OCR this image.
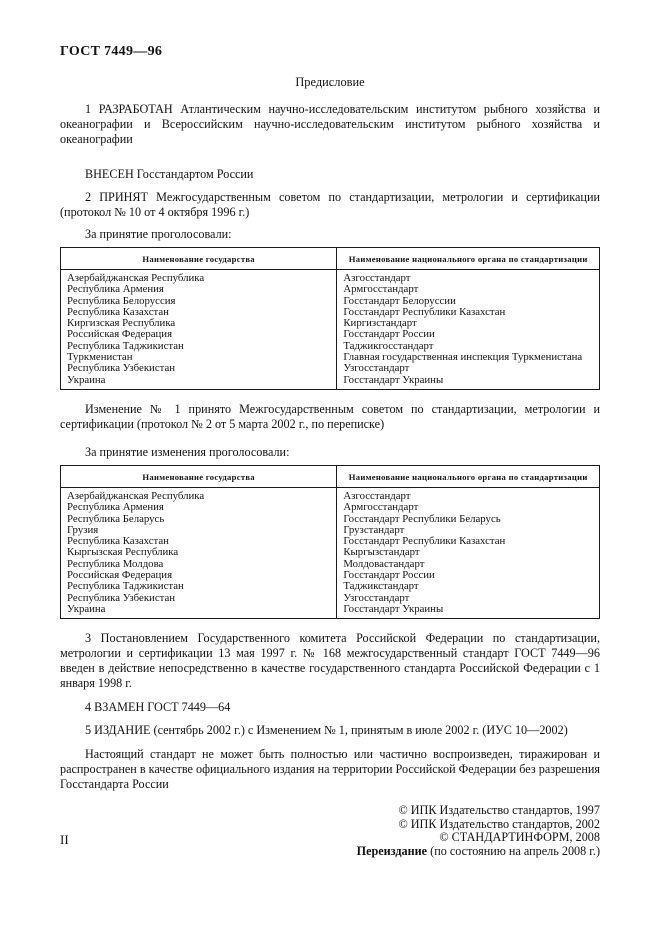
ГОСТ 7449—96
Предисловие

1 РАЗРАБОТАН Атлантическим научно-исследовательским институтом рыбного хозяйства и океанографии и Всероссийским научно-исследовательским институтом рыбного хозяйства и океанографии

ВНЕСЕН Госстандартом России

2 ПРИНЯТ Межгосударственным советом по стандартизации, метрологии и сертификации (протокол № 10 от 4 октября 1996 г.)

За принятие проголосовали:

Наименование государства	Наименование национального органа по стандартизации
Азербайджанская Республика	Азгосстандарт
Республика Армения	Армгосстандарт
Республика Белоруссия	Госстандарт Белоруссии
Республика Казахстан	Госстандарт Республики Казахстан
Киргизская Республика	Киргизстандарт
Российская Федерация	Госстандарт России
Республика Таджикистан	Таджикгосстандарт
Туркменистан	Главная государственная инспекция Туркменистана
Республика Узбекистан	Узгосстандарт
Украина	Госстандарт Украины

Изменение № 1 принято Межгосударственным советом по стандартизации, метрологии и сертификации (протокол № 2 от 5 марта 2002 г., по переписке)

За принятие изменения проголосовали:

Наименование государства	Наименование национального органа по стандартизации
Азербайджанская Республика	Азгосстандарт
Республика Армения	Армгосстандарт
Республика Беларусь	Госстандарт Республики Беларусь
Грузия	Грузстандарт
Республика Казахстан	Госстандарт Республики Казахстан
Кыргызская Республика	Кыргызстандарт
Республика Молдова	Молдовастандарт
Российская Федерация	Госстандарт России
Республика Таджикистан	Таджикстандарт
Республика Узбекистан	Узгосстандарт
Украина	Госстандарт Украины

3 Постановлением Государственного комитета Российской Федерации по стандартизации, метрологии и сертификации 13 мая 1997 г. № 168 межгосударственный стандарт ГОСТ 7449—96 введен в действие непосредственно в качестве государственного стандарта Российской Федерации с 1 января 1998 г.

4 ВЗАМЕН ГОСТ 7449—64

5 ИЗДАНИЕ (сентябрь 2002 г.) с Изменением № 1, принятым в июле 2002 г. (ИУС 10—2002)

Настоящий стандарт не может быть полностью или частично воспроизведен, тиражирован и распространен в качестве официального издания на территории Российской Федерации без разрешения Госстандарта России

© ИПК Издательство стандартов, 1997
© ИПК Издательство стандартов, 2002
© СТАНДАРТИНФОРМ, 2008
Переиздание (по состоянию на апрель 2008 г.)
II
